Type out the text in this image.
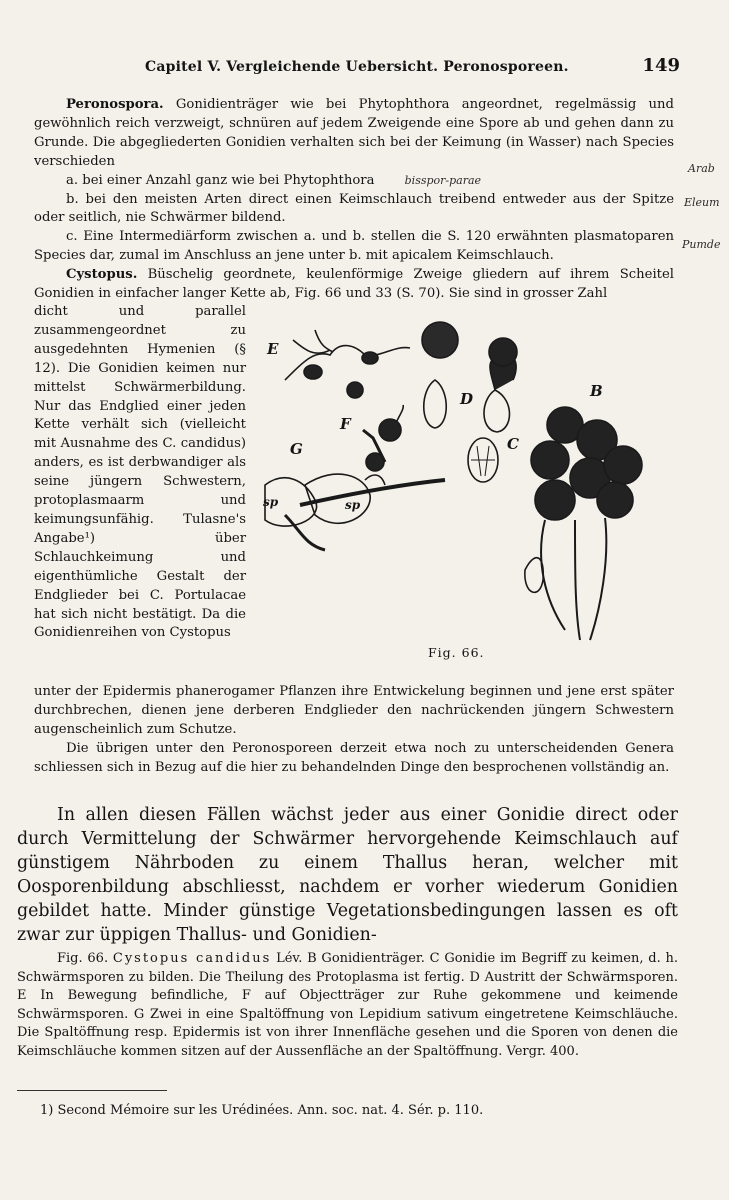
Capitel V. Vergleichende Uebersicht. Peronosporeen.	149

Peronospora. Gonidienträger wie bei Phytophthora angeordnet, regelmässig und gewöhnlich reich verzweigt, schnüren auf jedem Zweigende eine Spore ab und gehen dann zu Grunde. Die abgegliederten Gonidien verhalten sich bei der Keimung (in Wasser) nach Species verschieden

a. bei einer Anzahl ganz wie bei Phytophthora	bisspor-parae

b. bei den meisten Arten direct einen Keimschlauch treibend entweder aus der Spitze oder seitlich, nie Schwärmer bildend.

c. Eine Intermediärform zwischen a. und b. stellen die S. 120 erwähnten plasmatoparen Species dar, zumal im Anschluss an jene unter b. mit apicalem Keimschlauch.

Cystopus. Büschelig geordnete, keulenförmige Zweige gliedern auf ihrem Scheitel Gonidien in einfacher langer Kette ab, Fig. 66 und 33 (S. 70). Sie sind in grosser Zahl

dicht und parallel zusammengeordnet zu ausgedehnten Hymenien (§ 12). Die Gonidien keimen nur mittelst Schwärmerbildung. Nur das Endglied einer jeden Kette verhält sich (vielleicht mit Ausnahme des C. candidus) anders, es ist derbwandiger als seine jüngern Schwestern, protoplasmaarm und keimungsunfähig. Tulasne's Angabe¹) über Schlauchkeimung und eigenthümliche Gestalt der Endglieder bei C. Portulacae hat sich nicht bestätigt. Da die Gonidienreihen von Cystopus
E
F
D	B
G	C
sp	sp
Fig. 66.
unter der Epidermis phanerogamer Pflanzen ihre Entwickelung beginnen und jene erst später durchbrechen, dienen jene derberen Endglieder den nachrückenden jüngern Schwestern augenscheinlich zum Schutze.

Die übrigen unter den Peronosporeen derzeit etwa noch zu unterscheidenden Genera schliessen sich in Bezug auf die hier zu behandelnden Dinge den besprochenen vollständig an.

In allen diesen Fällen wächst jeder aus einer Gonidie direct oder durch Vermittelung der Schwärmer hervorgehende Keimschlauch auf günstigem Nährboden zu einem Thallus heran, welcher mit Oosporenbildung abschliesst, nachdem er vorher wiederum Gonidien gebildet hatte. Minder günstige Vegetationsbedingungen lassen es oft zwar zur üppigen Thallus- und Gonidien-

Fig. 66. Cystopus candidus Lév. B Gonidienträger. C Gonidie im Begriff zu keimen, d. h. Schwärmsporen zu bilden. Die Theilung des Protoplasma ist fertig. D Austritt der Schwärmsporen. E In Bewegung befindliche, F auf Objectträger zur Ruhe gekommene und keimende Schwärmsporen. G Zwei in eine Spaltöffnung von Lepidium sativum eingetretene Keimschläuche. Die Spaltöffnung resp. Epidermis ist von ihrer Innenfläche gesehen und die Sporen von denen die Keimschläuche kommen sitzen auf der Aussenfläche an der Spaltöffnung. Vergr. 400.

1) Second Mémoire sur les Urédinées. Ann. soc. nat. 4. Sér. p. 110.
Arab
Eleum
Pumde
